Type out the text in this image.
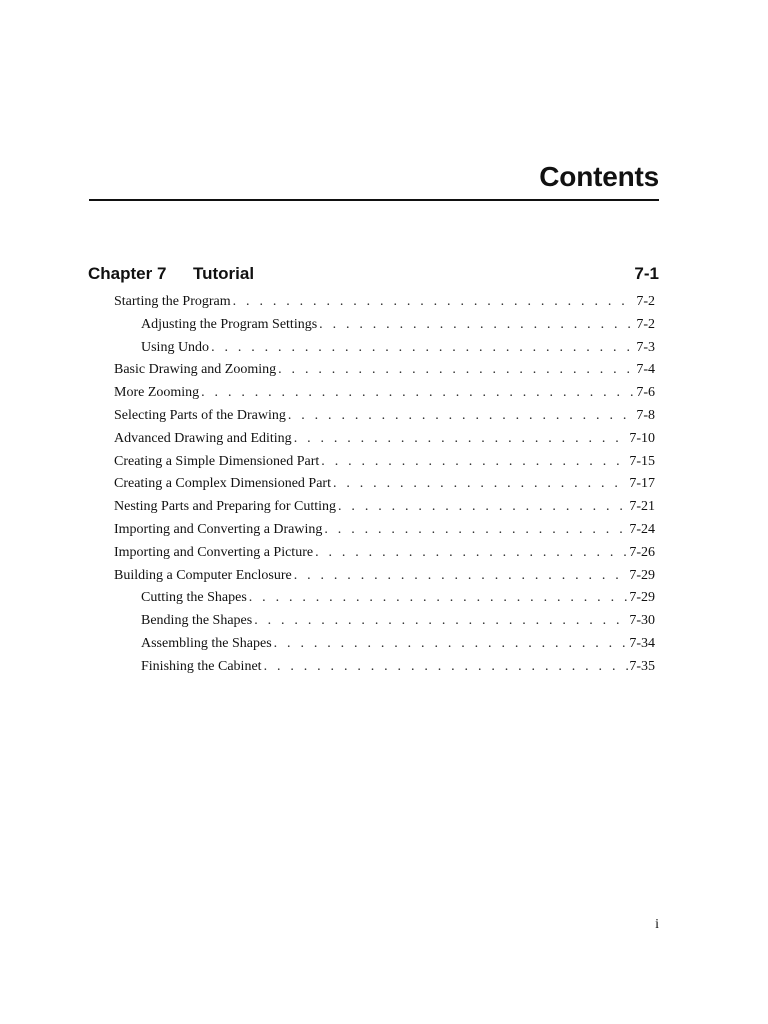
Contents
Chapter 7 Tutorial	7-1
Starting the Program . . .	7-2
Adjusting the Program Settings . . .	7-2
Using Undo . . .	7-3
Basic Drawing and Zooming . . .	7-4
More Zooming . . .	7-6
Selecting Parts of the Drawing . . .	7-8
Advanced Drawing and Editing . . .	7-10
Creating a Simple Dimensioned Part . . .	7-15
Creating a Complex Dimensioned Part . . .	7-17
Nesting Parts and Preparing for Cutting . . .	7-21
Importing and Converting a Drawing . . .	7-24
Importing and Converting a Picture . . .	7-26
Building a Computer Enclosure . . .	7-29
Cutting the Shapes . . .	7-29
Bending the Shapes . . .	7-30
Assembling the Shapes . . .	7-34
Finishing the Cabinet . . .	7-35
i
